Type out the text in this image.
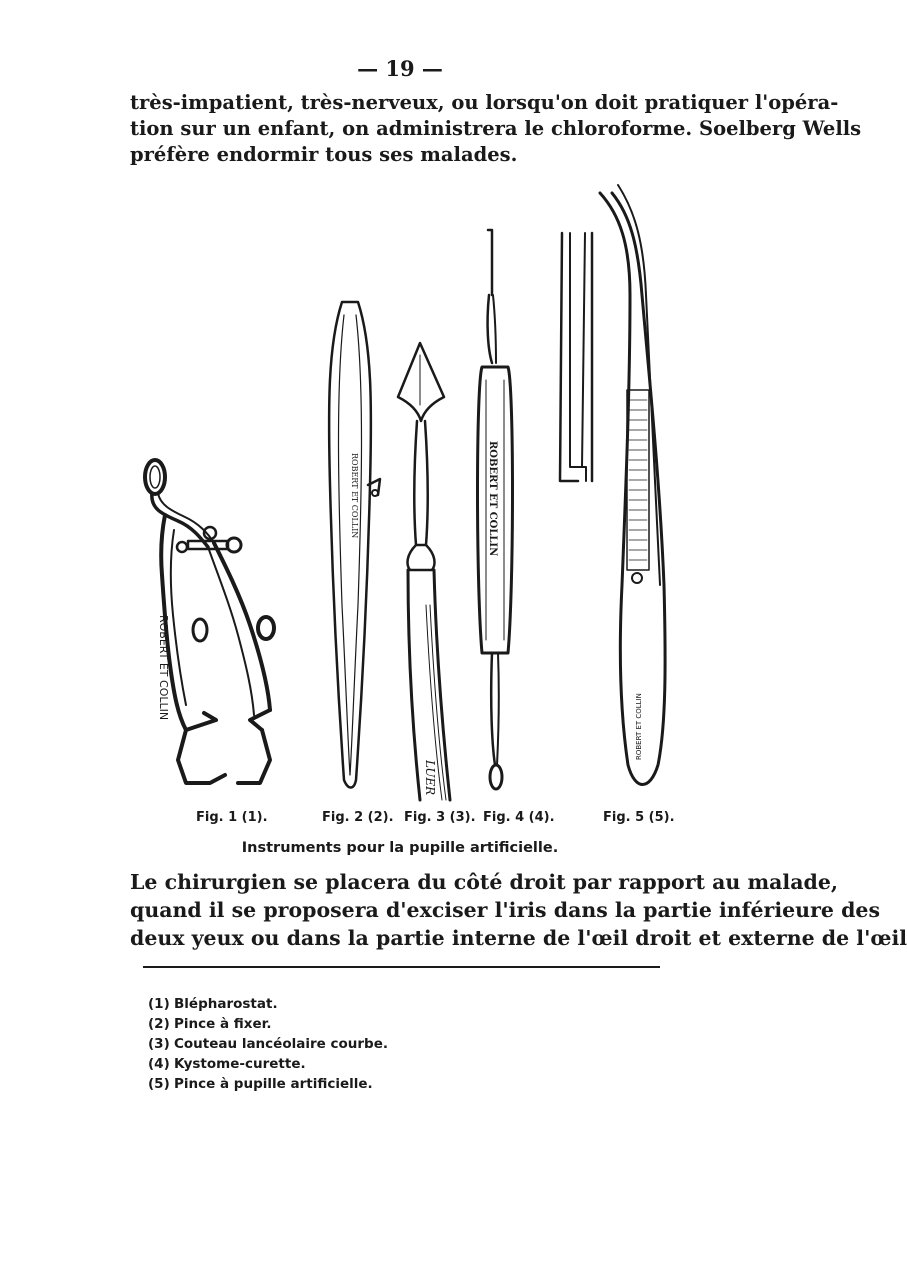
— 19 —
très-impatient, très-nerveux, ou lorsqu'on doit pratiquer l'opéra-
tion sur un enfant, on administrera le chloroforme. Soelberg Wells
préfère endormir tous ses malades.
ROBERT ET COLLIN
ROBERT ET COLLIN
LUER
ROBERT ET COLLIN
ROBERT ET COLLIN
Fig. 1 (1).	Fig. 2 (2). Fig. 3 (3). Fig. 4 (4).	Fig. 5 (5).
Instruments pour la pupille artificielle.
Le chirurgien se placera du côté droit par rapport au malade,
quand il se proposera d'exciser l'iris dans la partie inférieure des
deux yeux ou dans la partie interne de l'œil droit et externe de l'œil
(1) Blépharostat.
(2) Pince à fixer.
(3) Couteau lancéolaire courbe.
(4) Kystome-curette.
(5) Pince à pupille artificielle.
